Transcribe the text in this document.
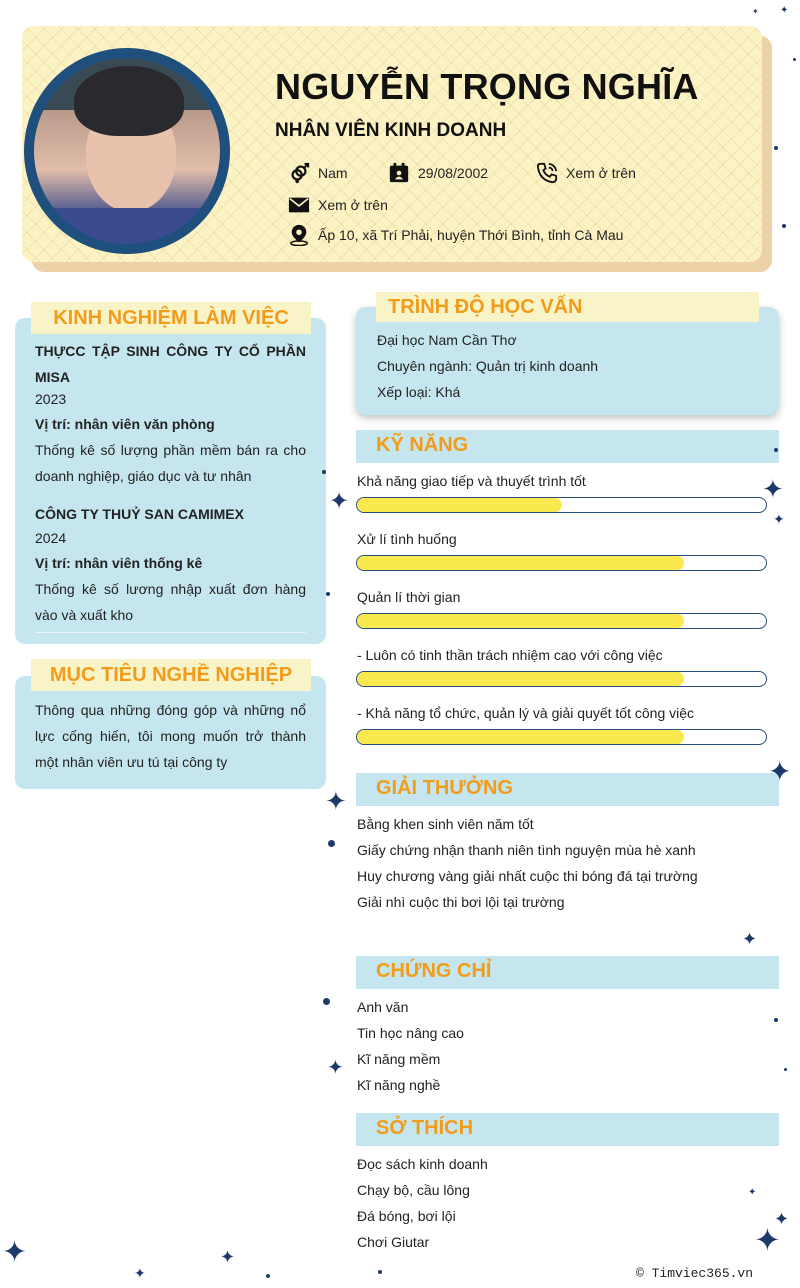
NGUYỄN TRỌNG NGHĨA
NHÂN VIÊN KINH DOANH
Nam	29/08/2002	Xem ở trên
Xem ở trên
Ấp 10, xã Trí Phải, huyện Thới Bình, tỉnh Cà Mau
KINH NGHIỆM LÀM VIỆC
THỰCC TẬP SINH CÔNG TY CỔ PHẦN MISA
2023
Vị trí: nhân viên văn phòng
Thống kê số lượng phần mềm bán ra cho doanh nghiệp, giáo dục và tư nhân
CÔNG TY THUỶ SAN CAMIMEX
2024
Vị trí: nhân viên thống kê
Thống kê số lương nhập xuất đơn hàng vào và xuất kho
MỤC TIÊU NGHỀ NGHIỆP
Thông qua những đóng góp và những nổ lực cống hiến, tôi mong muốn trở thành một nhân viên ưu tú tại công ty
TRÌNH ĐỘ HỌC VẤN
Đại học Nam Cần Thơ
Chuyên ngành: Quản trị kinh doanh
Xếp loại: Khá
KỸ NĂNG
Khả năng giao tiếp và thuyết trình tốt
Xử lí tình huống
Quản lí thời gian
- Luôn có tinh thần trách nhiệm cao với công việc
- Khả năng tổ chức, quản lý và giải quyết tốt công việc
GIẢI THƯỞNG
Bằng khen sinh viên năm tốt
Giấy chứng nhận thanh niên tình nguyện mùa hè xanh
Huy chương vàng giải nhất cuộc thi bóng đá tại trường
Giải nhì cuộc thi bơi lội tại trường
CHỨNG CHỈ
Anh văn
Tin học nâng cao
Kĩ năng mềm
Kĩ năng nghề
SỞ THÍCH
Đọc sách kinh doanh
Chạy bộ, cầu lông
Đá bóng, bơi lội
Chơi Giutar
✦
✦
✦
✦
✦
✦
✦
✦	✦
✦
✦
✦
✦
✦
✦
© Timviec365.vn
